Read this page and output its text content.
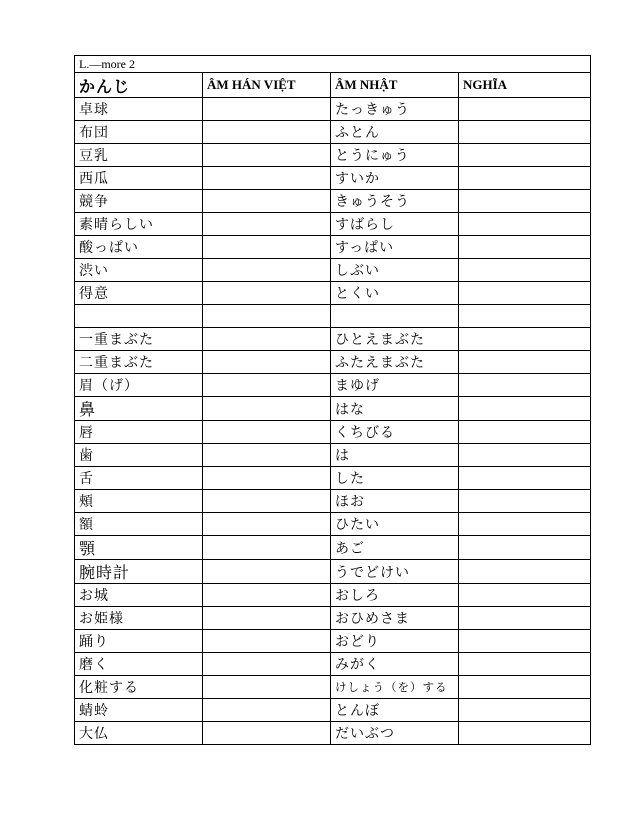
L.—more 2			
かんじ	ÂM HÁN VIỆT	ÂM NHẬT	NGHĨA
卓球		たっきゅう	
布団		ふとん	
豆乳		とうにゅう	
西瓜		すいか	
競争		きゅうそう	
素晴らしい		すばらし	
酸っぱい		すっぱい	
渋い		しぶい	
得意		とくい	

一重まぶた		ひとえまぶた	
二重まぶた		ふたえまぶた	
眉（げ）		まゆげ	
鼻		はな	
唇		くちびる	
歯		は	
舌		した	
頰		ほお	
額		ひたい	
顎		あご	
腕時計		うでどけい	
お城		おしろ	
お姫様		おひめさま	
踊り		おどり	
磨く		みがく	
化粧する		けしょう（を）する	
蜻蛉		とんぼ	
大仏		だいぶつ	
